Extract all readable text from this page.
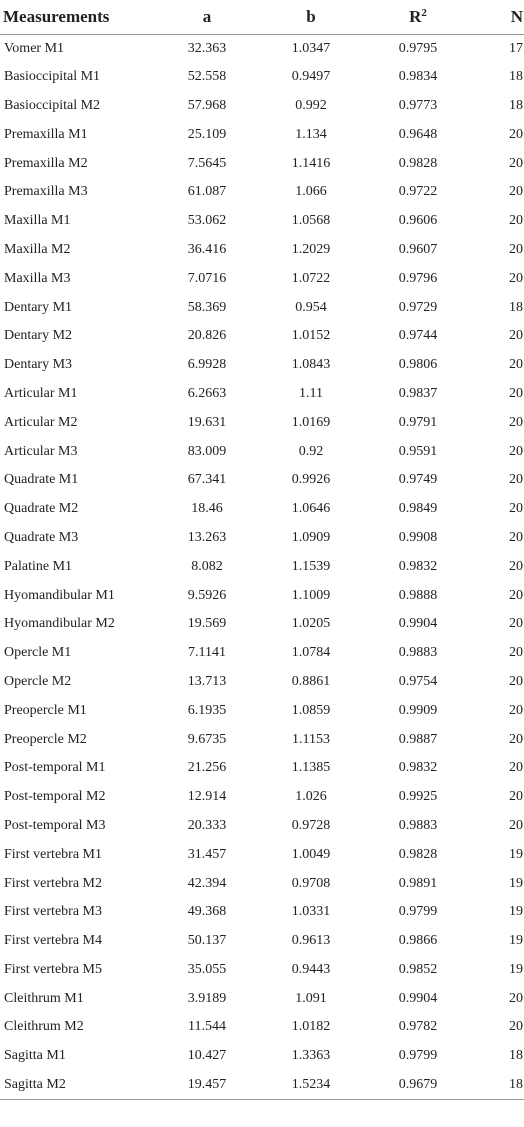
Measurements	a	b	$R^2$	N
Vomer M1	32.363	1.0347	0.9795	17
Basioccipital M1	52.558	0.9497	0.9834	18
Basioccipital M2	57.968	0.992	0.9773	18
Premaxilla M1	25.109	1.134	0.9648	20
Premaxilla M2	7.5645	1.1416	0.9828	20
Premaxilla M3	61.087	1.066	0.9722	20
Maxilla M1	53.062	1.0568	0.9606	20
Maxilla M2	36.416	1.2029	0.9607	20
Maxilla M3	7.0716	1.0722	0.9796	20
Dentary M1	58.369	0.954	0.9729	18
Dentary M2	20.826	1.0152	0.9744	20
Dentary M3	6.9928	1.0843	0.9806	20
Articular M1	6.2663	1.11	0.9837	20
Articular M2	19.631	1.0169	0.9791	20
Articular M3	83.009	0.92	0.9591	20
Quadrate M1	67.341	0.9926	0.9749	20
Quadrate M2	18.46	1.0646	0.9849	20
Quadrate M3	13.263	1.0909	0.9908	20
Palatine M1	8.082	1.1539	0.9832	20
Hyomandibular M1	9.5926	1.1009	0.9888	20
Hyomandibular M2	19.569	1.0205	0.9904	20
Opercle M1	7.1141	1.0784	0.9883	20
Opercle M2	13.713	0.8861	0.9754	20
Preopercle M1	6.1935	1.0859	0.9909	20
Preopercle M2	9.6735	1.1153	0.9887	20
Post-temporal M1	21.256	1.1385	0.9832	20
Post-temporal M2	12.914	1.026	0.9925	20
Post-temporal M3	20.333	0.9728	0.9883	20
First vertebra M1	31.457	1.0049	0.9828	19
First vertebra M2	42.394	0.9708	0.9891	19
First vertebra M3	49.368	1.0331	0.9799	19
First vertebra M4	50.137	0.9613	0.9866	19
First vertebra M5	35.055	0.9443	0.9852	19
Cleithrum M1	3.9189	1.091	0.9904	20
Cleithrum M2	11.544	1.0182	0.9782	20
Sagitta M1	10.427	1.3363	0.9799	18
Sagitta M2	19.457	1.5234	0.9679	18
